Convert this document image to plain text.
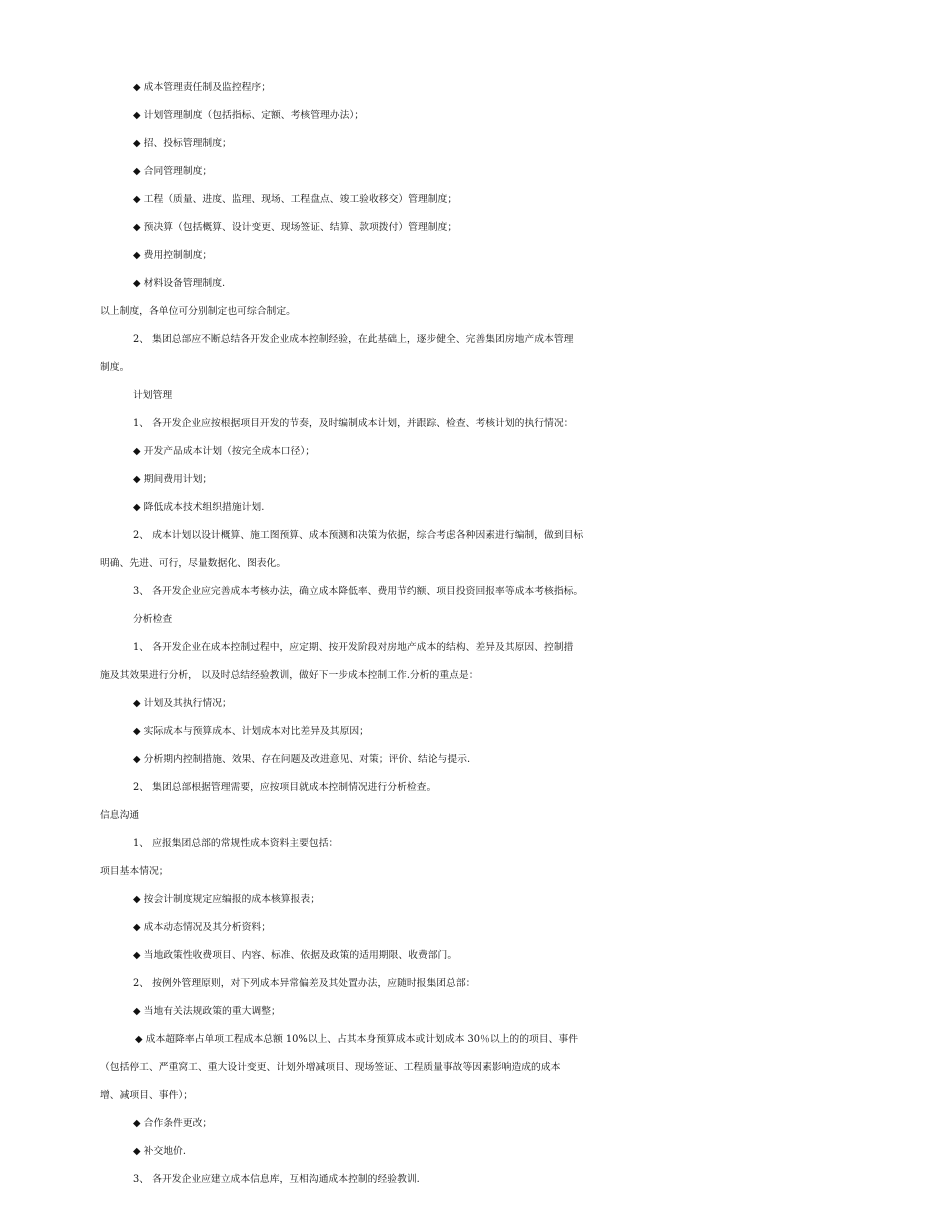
◆ 成本管理责任制及监控程序；
◆ 计划管理制度（包括指标、定额、考核管理办法）；
◆ 招、投标管理制度；
◆ 合同管理制度；
◆ 工程（质量、进度、监理、现场、工程盘点、竣工验收移交）管理制度；
◆ 预决算（包括概算、设计变更、现场签证、结算、款项拨付）管理制度；
◆ 费用控制制度；
◆ 材料设备管理制度.
以上制度，各单位可分别制定也可综合制定。
2、 集团总部应不断总结各开发企业成本控制经验，在此基础上，逐步健全、完善集团房地产成本管理
制度。
计划管理
1、 各开发企业应按根据项目开发的节奏，及时编制成本计划，并跟踪、检查、考核计划的执行情况：
◆ 开发产品成本计划（按完全成本口径）；
◆ 期间费用计划；
◆ 降低成本技术组织措施计划.
2、 成本计划以设计概算、施工图预算、成本预测和决策为依据，综合考虑各种因素进行编制，做到目标
明确、先进、可行，尽量数据化、图表化。
3、 各开发企业应完善成本考核办法，确立成本降低率、费用节约额、项目投资回报率等成本考核指标。
分析检查
1、 各开发企业在成本控制过程中，应定期、按开发阶段对房地产成本的结构、差异及其原因、控制措
施及其效果进行分析， 以及时总结经验教训，做好下一步成本控制工作.分析的重点是：
◆ 计划及其执行情况；
◆ 实际成本与预算成本、计划成本对比差异及其原因；
◆ 分析期内控制措施、效果、存在问题及改进意见、对策；评价、结论与提示.
2、 集团总部根据管理需要，应按项目就成本控制情况进行分析检查。
信息沟通
1、 应报集团总部的常规性成本资料主要包括：
项目基本情况；
◆ 按会计制度规定应编报的成本核算报表；
◆ 成本动态情况及其分析资料；
◆ 当地政策性收费项目、内容、标准、依据及政策的适用期限、收费部门。
2、 按例外管理原则，对下列成本异常偏差及其处置办法，应随时报集团总部：
◆ 当地有关法规政策的重大调整；
◆ 成本超降率占单项工程成本总额 10%以上、占其本身预算成本或计划成本 30％以上的的项目、事件
（包括停工、严重窝工、重大设计变更、计划外增减项目、现场签证、工程质量事故等因素影响造成的成本
增、减项目、事件）；
◆ 合作条件更改；
◆ 补交地价.
3、 各开发企业应建立成本信息库，互相沟通成本控制的经验教训.
